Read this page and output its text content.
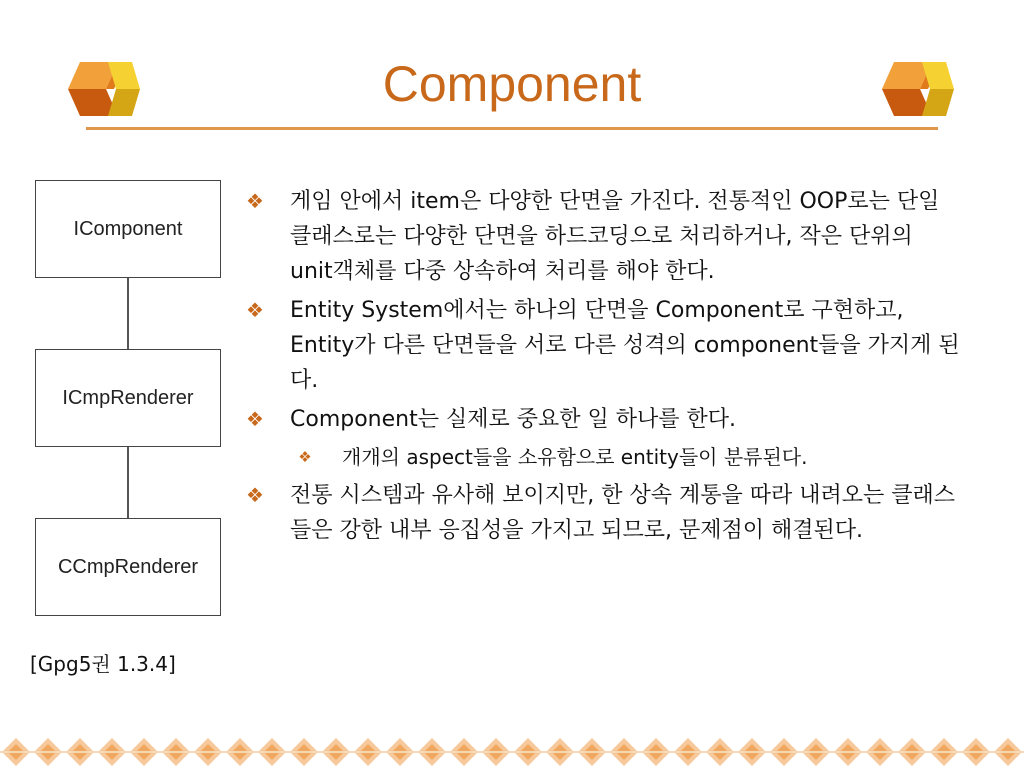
Component
IComponent
ICmpRenderer
CCmpRenderer
[Gpg5권 1.3.4]
❖ 게임 안에서 item은 다양한 단면을 가진다. 전통적인 OOP로는 단일 클래스로는 다양한 단면을 하드코딩으로 처리하거나, 작은 단위의 unit객체를 다중 상속하여 처리를 해야 한다.
❖ Entity System에서는 하나의 단면을 Component로 구현하고, Entity가 다른 단면들을 서로 다른 성격의 component들을 가지게 된다.
❖ Component는 실제로 중요한 일 하나를 한다.
❖	개개의 aspect들을 소유함으로 entity들이 분류된다.
❖ 전통 시스템과 유사해 보이지만, 한 상속 계통을 따라 내려오는 클래스들은 강한 내부 응집성을 가지고 되므로, 문제점이 해결된다.
